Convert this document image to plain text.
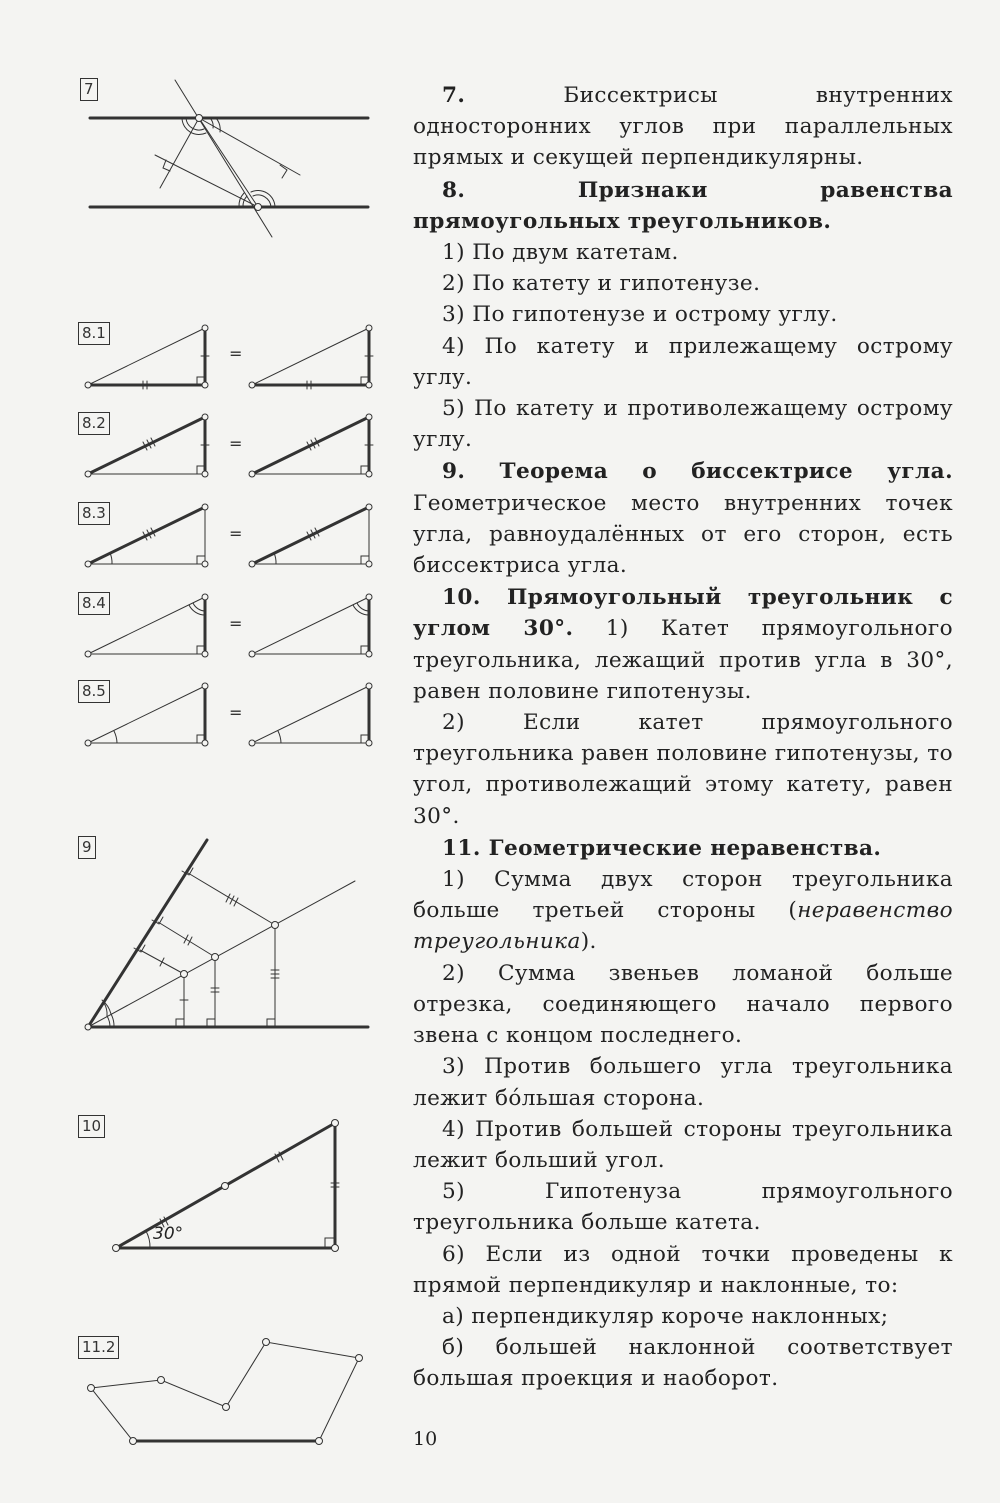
7
8.1
8.2
8.3
8.4
8.5
9
10
11.2
=
=
=
=
=
30°

7.	Биссектрисы внутренних односторонних углов при параллельных прямых и секущей перпендикулярны.

8. Признаки равенства прямоугольных треугольников.

1) По двум катетам.

2) По катету и гипотенузе.

3) По гипотенузе и острому углу.

4) По катету и прилежащему острому углу.

5) По катету и противолежащему острому углу.

9. Теорема о биссектрисе угла. Геометрическое место внутренних точек угла, равноудалённых от его сторон, есть биссектриса угла.

10. Прямоугольный треугольник с углом 30°. 1) Катет прямоугольного треугольника, лежащий против угла в 30°, равен половине гипотенузы.

2) Если катет прямоугольного треугольника равен половине гипотенузы, то угол, противолежащий этому катету, равен 30°.

11. Геометрические неравенства.

1) Сумма двух сторон треугольника больше третьей стороны (неравенство треугольника).

2) Сумма звеньев ломаной больше отрезка, соединяющего начало первого звена с концом последнего.

3) Против большего угла треугольника лежит бóльшая сторона.

4) Против большей стороны треугольника лежит больший угол.

5) Гипотенуза прямоугольного треугольника больше катета.

6) Если из одной точки проведены к прямой перпендикуляр и наклонные, то:

а) перпендикуляр короче наклонных;

б) большей наклонной соответствует большая проекция и наоборот.

10
